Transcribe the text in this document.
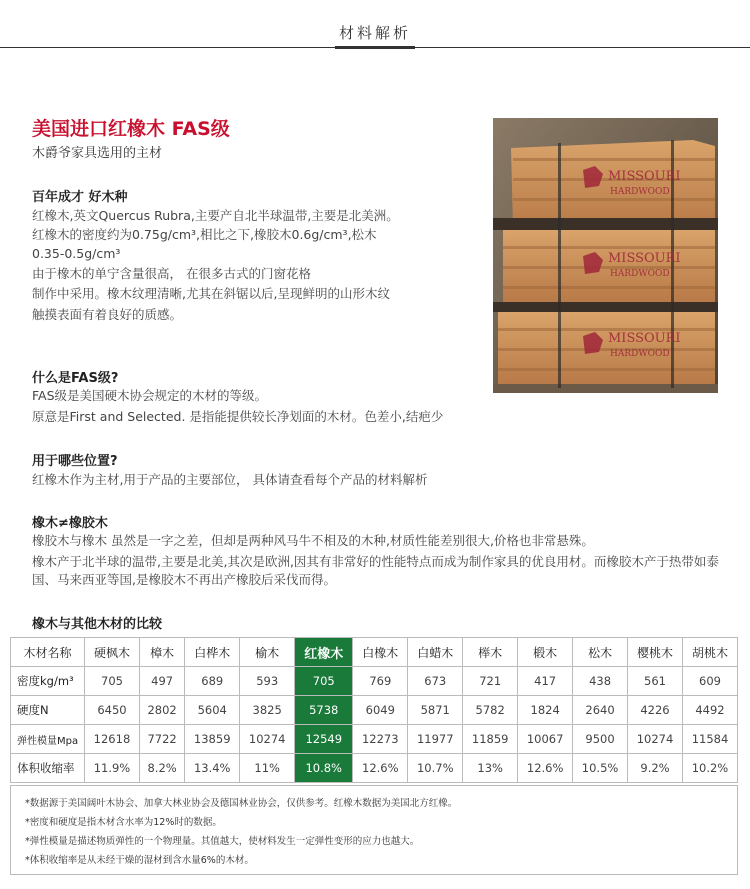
材料解析
美国进口红橡木 FAS级
木爵爷家具选用的主材
百年成才 好木种
红橡木,英文Quercus Rubra,主要产自北半球温带,主要是北美洲。
红橡木的密度约为0.75g/cm³,相比之下,橡胶木0.6g/cm³,松木
0.35-0.5g/cm³
由于橡木的单宁含量很高， 在很多古式的门窗花格
制作中采用。橡木纹理清晰,尤其在斜锯以后,呈现鲜明的山形木纹
触摸表面有着良好的质感。
MISSOURI
HARDWOOD
MISSOURI
HARDWOOD
MISSOURI
HARDWOOD
什么是FAS级?
FAS级是美国硬木协会规定的木材的等级。
原意是First and Selected. 是指能提供较长净划面的木材。色差小,结疤少
用于哪些位置?
红橡木作为主材,用于产品的主要部位， 具体请查看每个产品的材料解析
橡木≠橡胶木
橡胶木与橡木 虽然是一字之差，但却是两种风马牛不相及的木种,材质性能差别很大,价格也非常悬殊。
橡木产于北半球的温带,主要是北美,其次是欧洲,因其有非常好的性能特点而成为制作家具的优良用材。而橡胶木产于热带如泰国、马来西亚等国,是橡胶木不再出产橡胶后采伐而得。
橡木与其他木材的比较
木材名称	硬枫木	樟木	白桦木	榆木	红橡木	白橡木	白蜡木	榉木	椴木	松木	樱桃木	胡桃木
密度kg/m³	705	497	689	593	705	769	673	721	417	438	561	609
硬度N	6450	2802	5604	3825	5738	6049	5871	5782	1824	2640	4226	4492
弹性模量Mpa	12618	7722	13859	10274	12549	12273	11977	11859	10067	9500	10274	11584
体积收缩率	11.9%	8.2%	13.4%	11%	10.8%	12.6%	10.7%	13%	12.6%	10.5%	9.2%	10.2%
*数据源于美国阔叶木协会、加拿大林业协会及德国林业协会，仅供参考。红橡木数据为美国北方红橡。
*密度和硬度是指木材含水率为12%时的数据。
*弹性模量是描述物质弹性的一个物理量。其值越大，使材料发生一定弹性变形的应力也越大。
*体积收缩率是从未经干燥的湿材到含水量6%的木材。
